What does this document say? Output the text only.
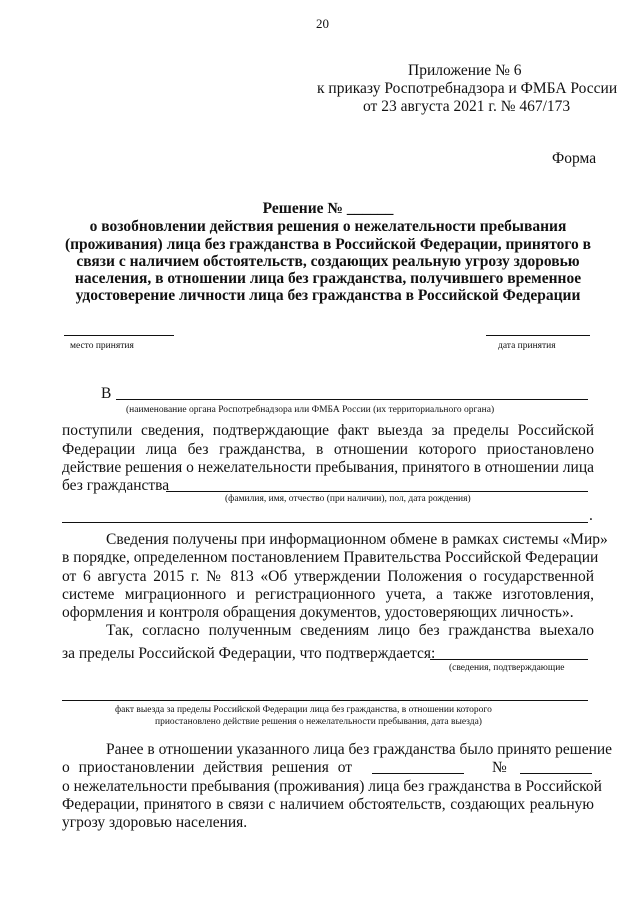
20
Приложение № 6
к приказу Роспотребнадзора и ФМБА России
от 23 августа 2021 г. № 467/173
Форма
Решение № ______
о возобновлении действия решения о нежелательности пребывания
(проживания) лица без гражданства в Российской Федерации, принятого в
связи с наличием обстоятельств, создающих реальную угрозу здоровью
населения, в отношении лица без гражданства, получившего временное
удостоверение личности лица без гражданства в Российской Федерации
место принятия	дата принятия
В
(наименование органа Роспотребнадзора или ФМБА России (их территориального органа)
поступили сведения, подтверждающие факт выезда за пределы Российской
Федерации лица без гражданства, в отношении которого приостановлено
действие решения о нежелательности пребывания, принятого в отношении лица
без гражданства
(фамилия, имя, отчество (при наличии), пол, дата рождения)
.
Сведения получены при информационном обмене в рамках системы «Мир»
в порядке, определенном постановлением Правительства Российской Федерации
от 6 августа 2015 г. № 813 «Об утверждении Положения о государственной
системе миграционного и регистрационного учета, а также изготовления,
оформления и контроля обращения документов, удостоверяющих личность».
Так, согласно полученным сведениям лицо без гражданства выехало
за пределы Российской Федерации, что подтверждается:
(сведения, подтверждающие
факт выезда за пределы Российской Федерации лица без гражданства, в отношении которого
приостановлено действие решения о нежелательности пребывания, дата выезда)
Ранее в отношении указанного лица без гражданства было принято решение
о приостановлении действия решения от	№
о нежелательности пребывания (проживания) лица без гражданства в Российской
Федерации, принятого в связи с наличием обстоятельств, создающих реальную
угрозу здоровью населения.
